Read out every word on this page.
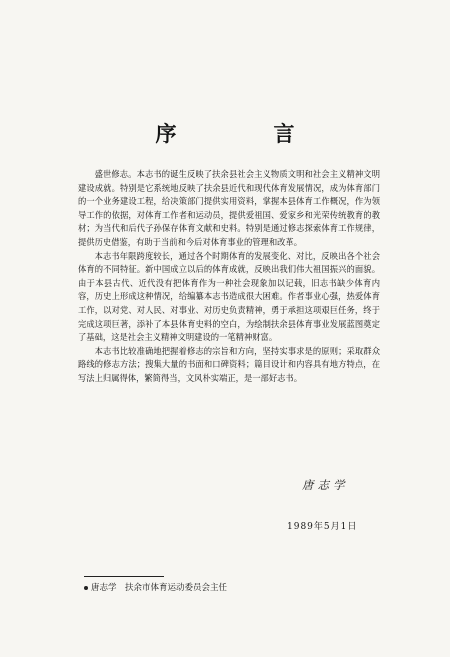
序　言

盛世修志。本志书的诞生反映了扶余县社会主义物质文明和社会主义精神文明建设成就。特别是它系统地反映了扶余县近代和现代体育发展情况，成为体育部门的一个业务建设工程，给决策部门提供实用资料，掌握本县体育工作概况，作为领导工作的依据，对体育工作者和运动员，提供爱祖国、爱家乡和光荣传统教育的教材；为当代和后代子孙保存体育文献和史料。特别是通过修志探索体育工作规律，提供历史借鉴，有助于当前和今后对体育事业的管理和改革。

本志书年限跨度较长，通过各个时期体育的发展变化、对比，反映出各个社会体育的不同特征。新中国成立以后的体育成就，反映出我们伟大祖国振兴的面貌。由于本县古代、近代没有把体育作为一种社会现象加以记载，旧志书缺少体育内容，历史上形成这种情况，给编纂本志书造成很大困难。作者事业心强，热爱体育工作，以对党、对人民、对事业、对历史负责精神，勇于承担这项艰巨任务，终于完成这项巨著，添补了本县体育史料的空白，为绘制扶余县体育事业发展蓝图奠定了基础，这是社会主义精神文明建设的一笔精神财富。

本志书比较准确地把握着修志的宗旨和方向，坚持实事求是的原则；采取群众路线的修志方法；搜集大量的书面和口碑资料；篇目设计和内容具有地方特点，在写法上归属得体，繁简得当，文风朴实端正，是一部好志书。

唐志学
1989年5月1日
唐志学　扶余市体育运动委员会主任
